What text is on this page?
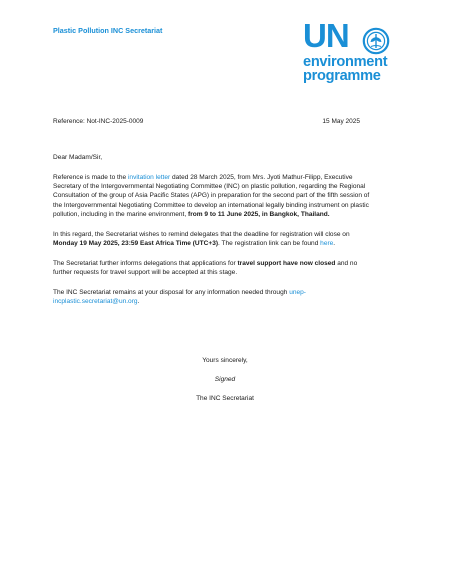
Plastic Pollution INC Secretariat	UN
environment
programme
Reference: Not-INC-2025-0009	15 May 2025

Dear Madam/Sir,

Reference is made to the invitation letter dated 28 March 2025, from Mrs. Jyoti Mathur-Filipp, Executive Secretary of the Intergovernmental Negotiating Committee (INC) on plastic pollution, regarding the Regional Consultation of the group of Asia Pacific States (APG) in preparation for the second part of the fifth session of the Intergovernmental Negotiating Committee to develop an international legally binding instrument on plastic pollution, including in the marine environment, from 9 to 11 June 2025, in Bangkok, Thailand.

In this regard, the Secretariat wishes to remind delegates that the deadline for registration will close on Monday 19 May 2025, 23:59 East Africa Time (UTC+3). The registration link can be found here.

The Secretariat further informs delegations that applications for travel support have now closed and no further requests for travel support will be accepted at this stage.

The INC Secretariat remains at your disposal for any information needed through unep-incplastic.secretariat@un.org.

Yours sincerely,
Signed
The INC Secretariat
